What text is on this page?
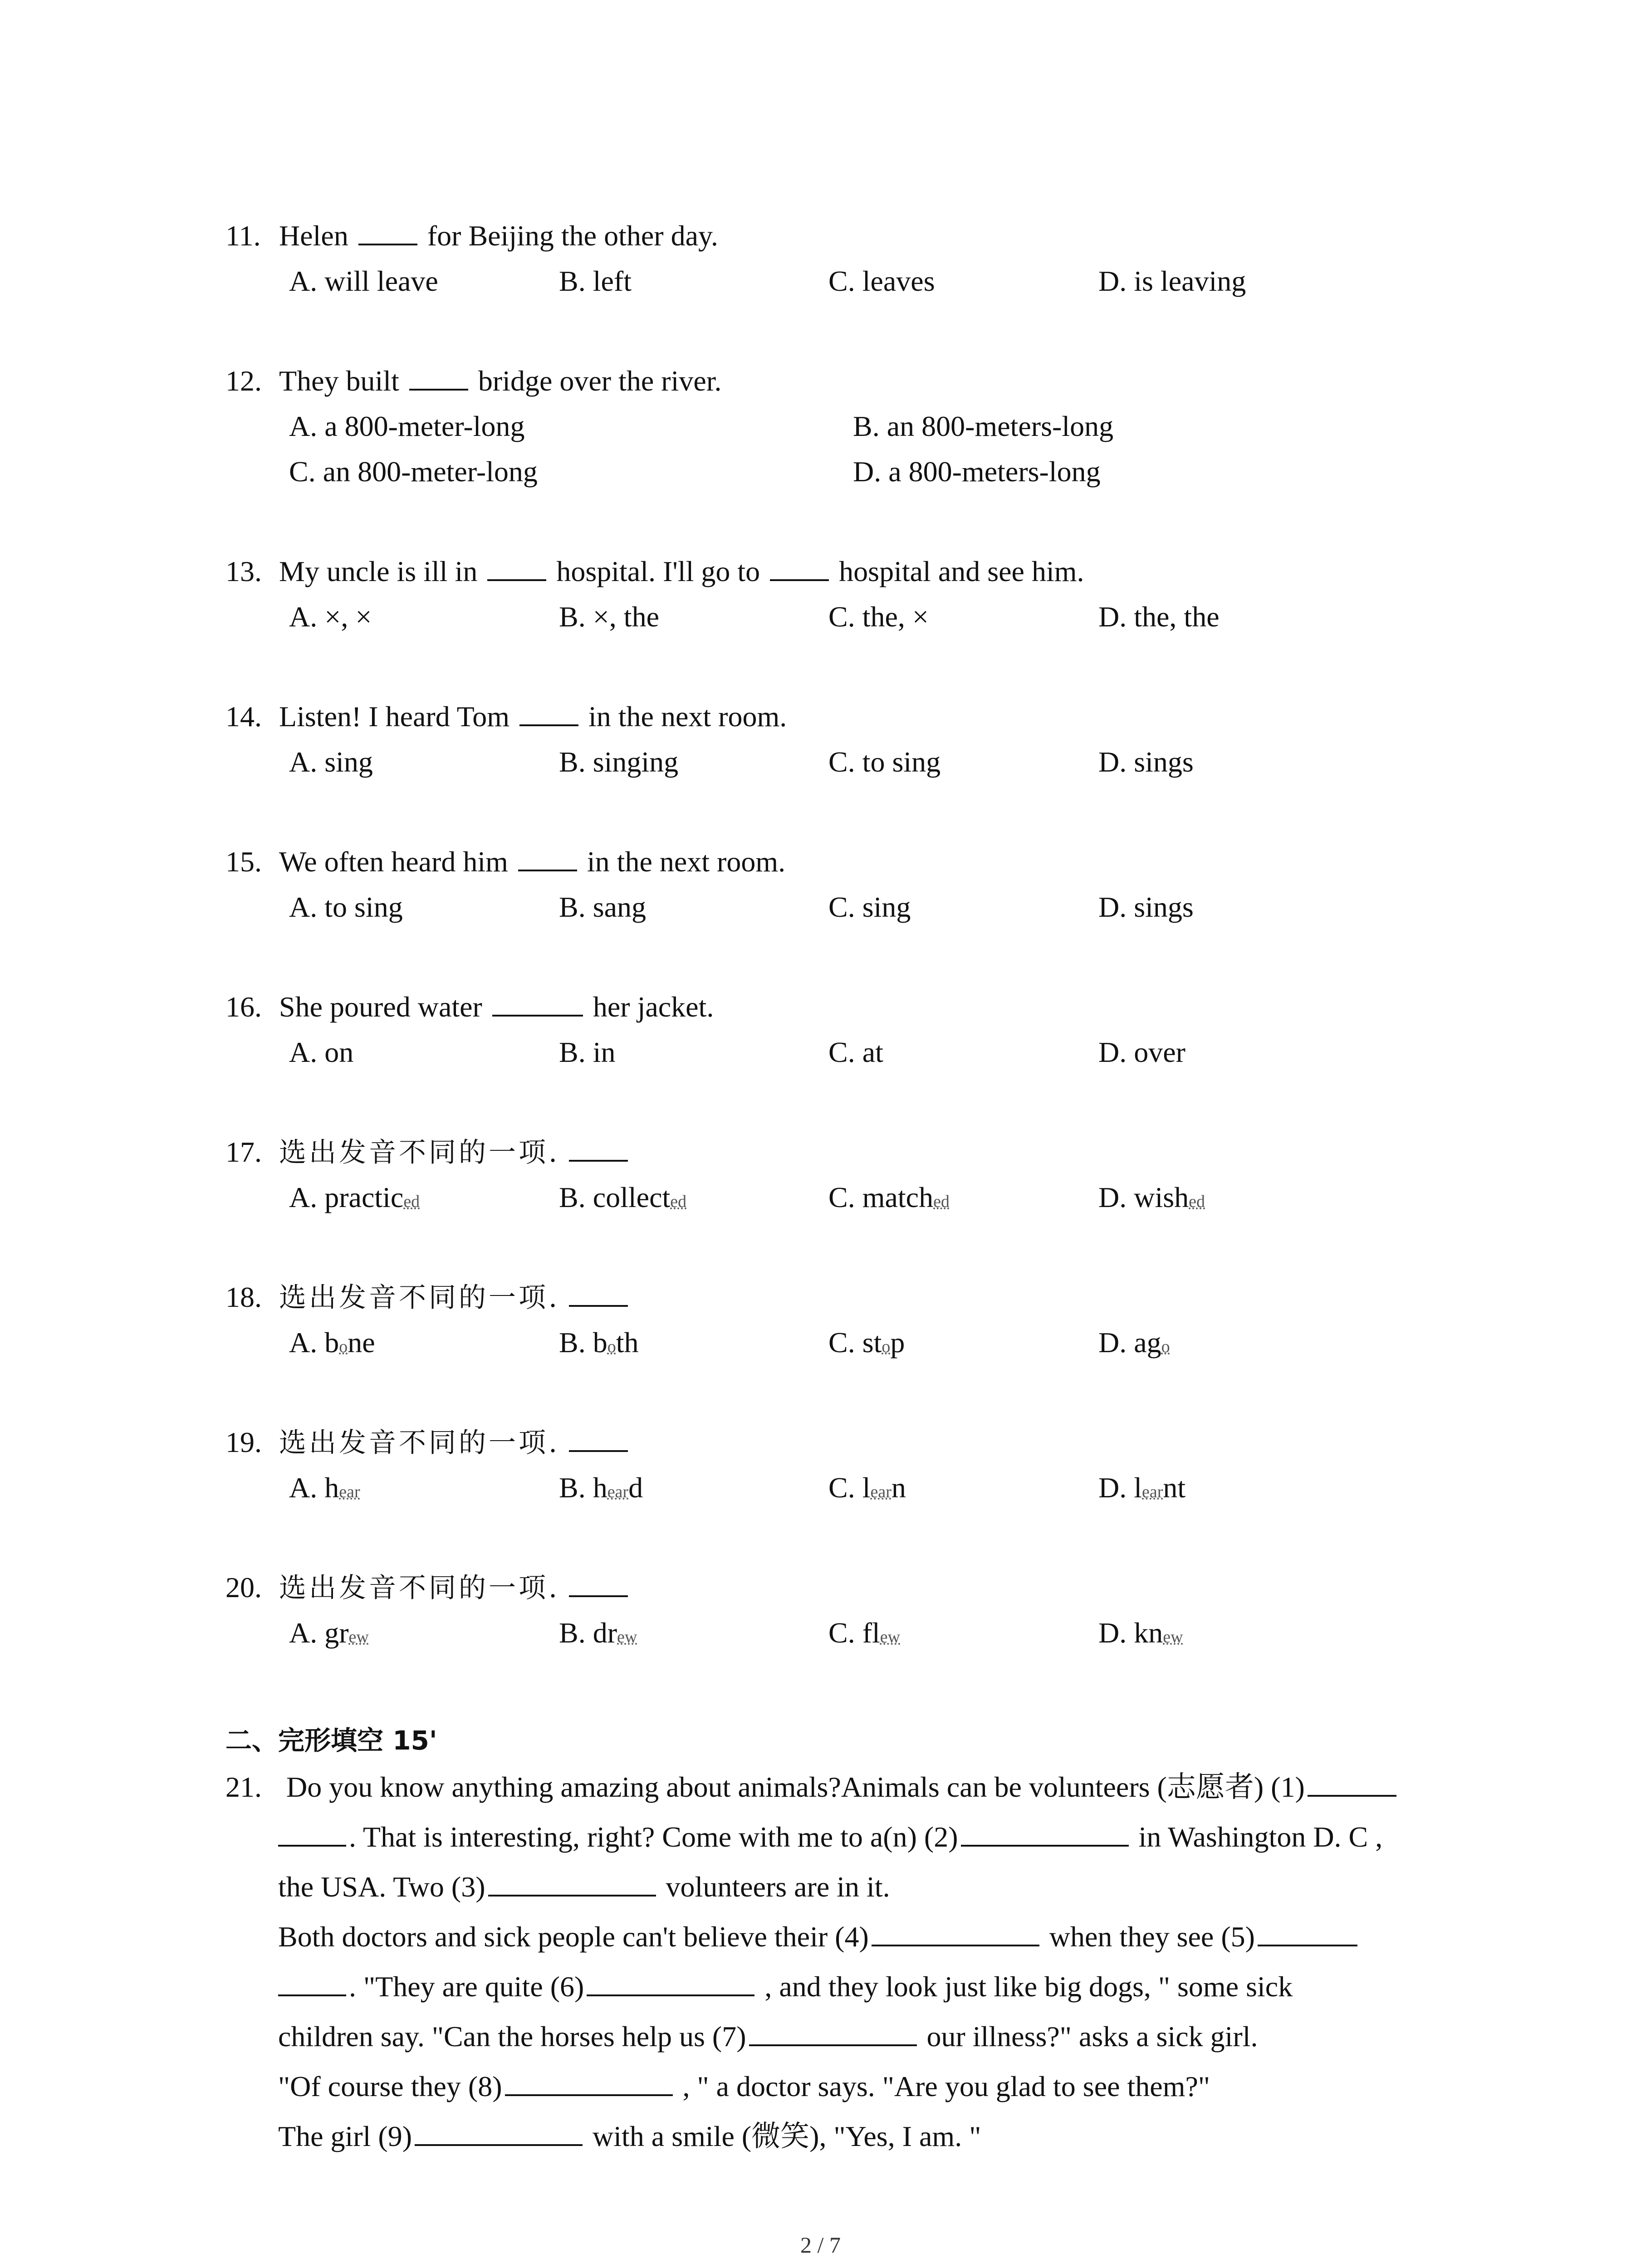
11. Helen  for Beijing the other day.
A. will leave	B. left	C. leaves	D. is leaving
12. They built  bridge over the river.
A. a 800-meter-long	B. an 800-meters-long
C. an 800-meter-long	D. a 800-meters-long
13. My uncle is ill in  hospital. I'll go to  hospital and see him.
A. ×, ×	B. ×, the	C. the, ×	D. the, the
14. Listen! I heard Tom  in the next room.
A. sing	B. singing	C. to sing	D. sings
15. We often heard him  in the next room.
A. to sing	B. sang	C. sing	D. sings
16. She poured water	her jacket.
A. on	B. in	C. at	D. over
17. 选出发音不同的一项.
A. practiced	B. collected	C. matched	D. wished
18. 选出发音不同的一项.
A. bone	B. both	C. stop	D. ago
19. 选出发音不同的一项.
A. hear	B. heard	C. learn	D. learnt
20. 选出发音不同的一项.
A. grew	B. drew	C. flew	D. knew
二、完形填空 15'
21. Do you know anything amazing about animals?Animals can be volunteers (志愿者) (1)
. That is interesting, right? Come with me to a(n) (2)	in Washington D. C ,
the USA. Two (3)	volunteers are in it.
Both doctors and sick people can't believe their (4)	when they see (5)
. "They are quite (6)	, and they look just like big dogs, " some sick
children say. "Can the horses help us (7)	our illness?" asks a sick girl.
"Of course they (8)	, " a doctor says. "Are you glad to see them?"
The girl (9)	with a smile (微笑), "Yes, I am. "
2 / 7
